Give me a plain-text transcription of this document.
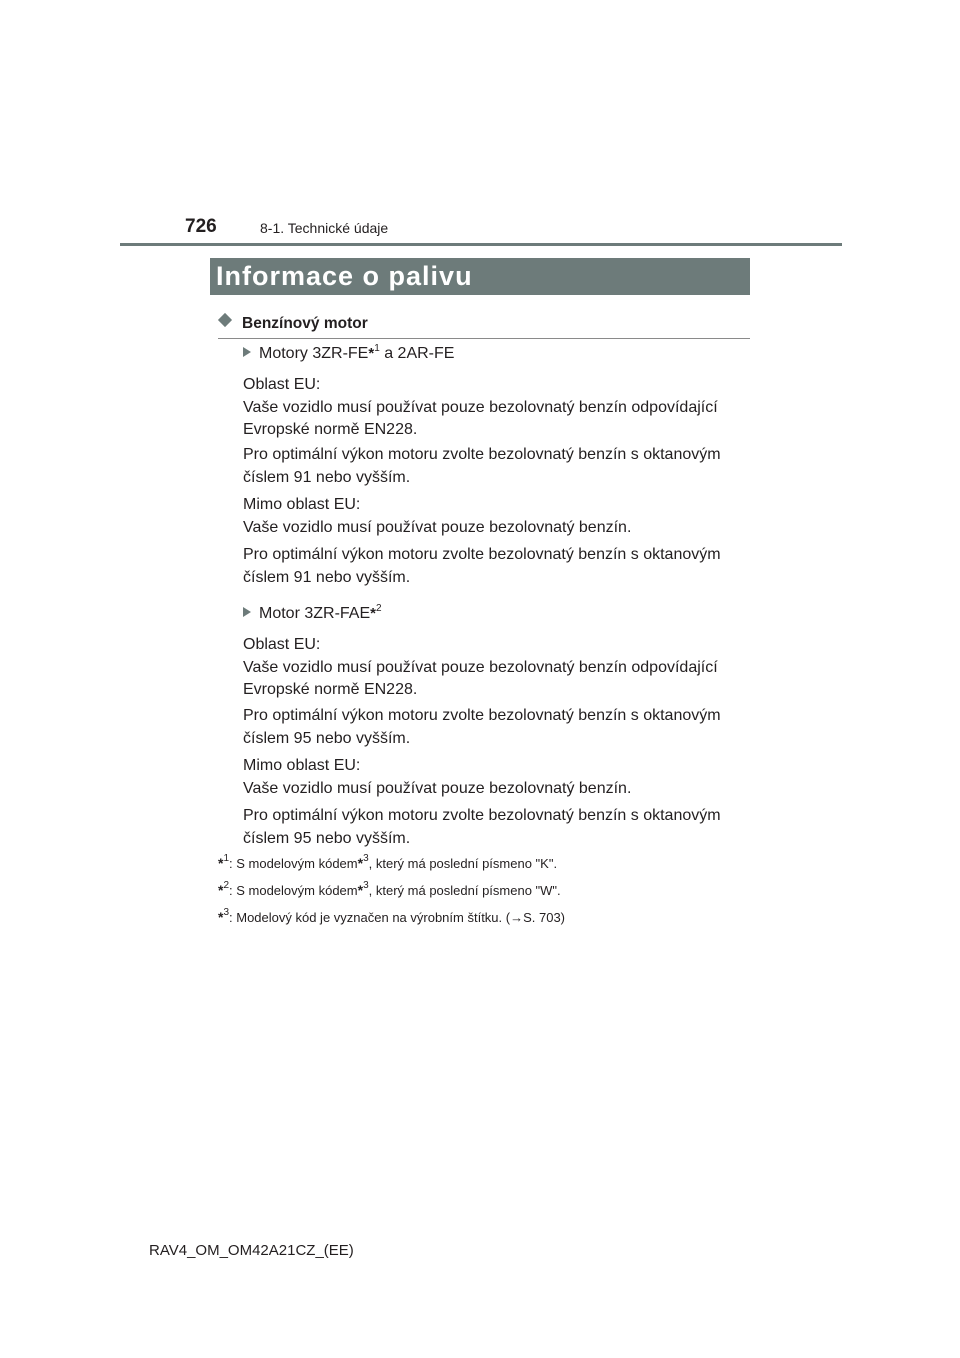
726	8-1. Technické údaje
Informace o palivu
Benzínový motor
Motory 3ZR-FE*$^1$ a 2AR-FE
Oblast EU:
Vaše vozidlo musí používat pouze bezolovnatý benzín odpovídající
Evropské normě EN228.
Pro optimální výkon motoru zvolte bezolovnatý benzín s oktanovým
číslem 91 nebo vyšším.
Mimo oblast EU:
Vaše vozidlo musí používat pouze bezolovnatý benzín.
Pro optimální výkon motoru zvolte bezolovnatý benzín s oktanovým
číslem 91 nebo vyšším.
Motor 3ZR-FAE*$^2$
Oblast EU:
Vaše vozidlo musí používat pouze bezolovnatý benzín odpovídající
Evropské normě EN228.
Pro optimální výkon motoru zvolte bezolovnatý benzín s oktanovým
číslem 95 nebo vyšším.
Mimo oblast EU:
Vaše vozidlo musí používat pouze bezolovnatý benzín.
Pro optimální výkon motoru zvolte bezolovnatý benzín s oktanovým
číslem 95 nebo vyšším.
*$^1$: S modelovým kódem*$^3$, který má poslední písmeno "K".
*$^2$: S modelovým kódem*$^3$, který má poslední písmeno "W".
*$^3$: Modelový kód je vyznačen na výrobním štítku. (→S. 703)
RAV4_OM_OM42A21CZ_(EE)
